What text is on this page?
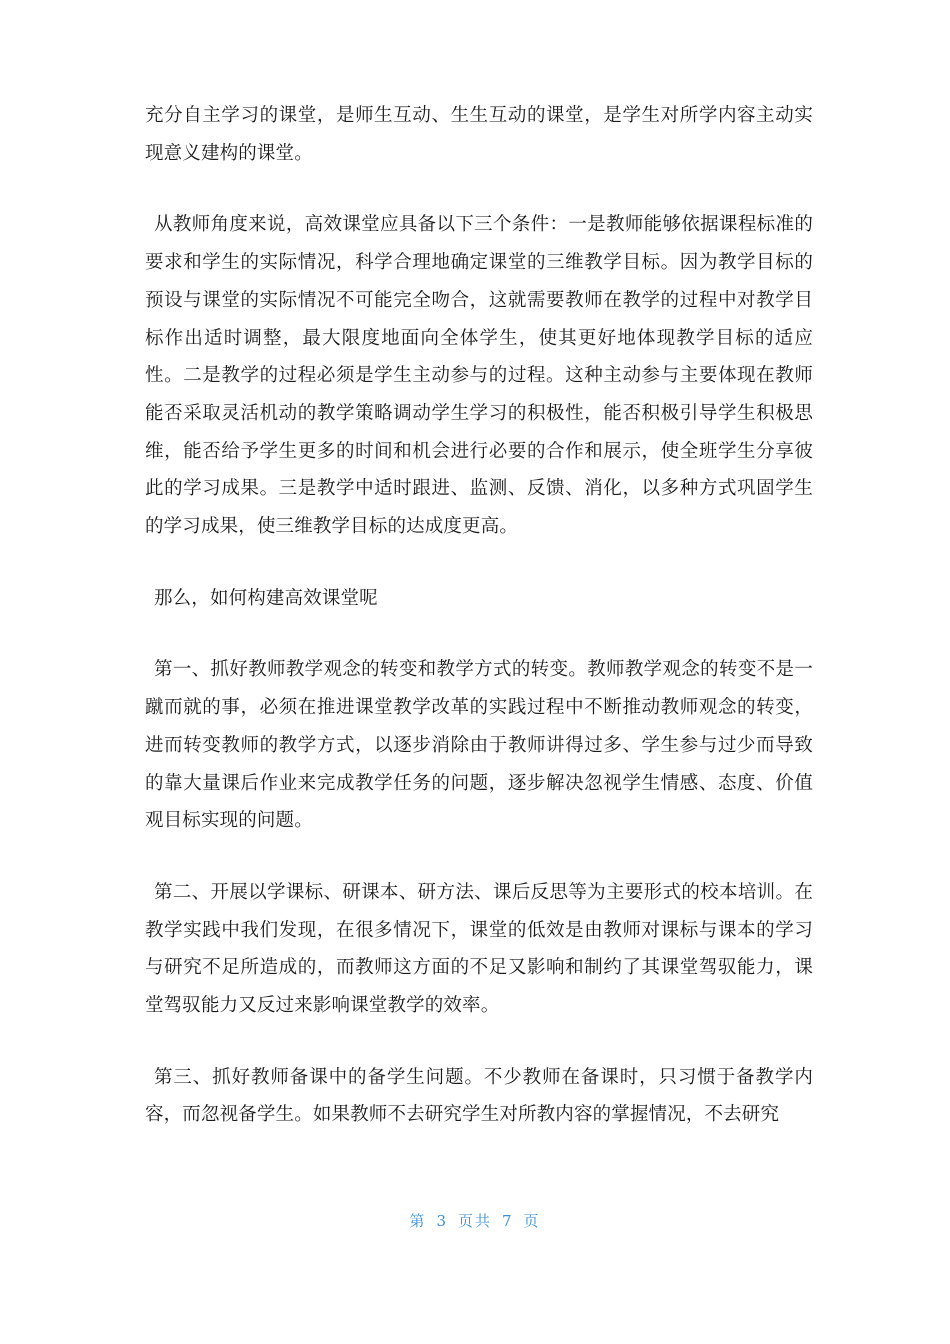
充分自主学习的课堂，是师生互动、生生互动的课堂，是学生对所学内容主动实现意义建构的课堂。

从教师角度来说，高效课堂应具备以下三个条件：一是教师能够依据课程标准的要求和学生的实际情况，科学合理地确定课堂的三维教学目标。因为教学目标的预设与课堂的实际情况不可能完全吻合，这就需要教师在教学的过程中对教学目标作出适时调整，最大限度地面向全体学生，使其更好地体现教学目标的适应性。二是教学的过程必须是学生主动参与的过程。这种主动参与主要体现在教师能否采取灵活机动的教学策略调动学生学习的积极性，能否积极引导学生积极思维，能否给予学生更多的时间和机会进行必要的合作和展示，使全班学生分享彼此的学习成果。三是教学中适时跟进、监测、反馈、消化，以多种方式巩固学生的学习成果，使三维教学目标的达成度更高。

那么，如何构建高效课堂呢

第一、抓好教师教学观念的转变和教学方式的转变。教师教学观念的转变不是一蹴而就的事，必须在推进课堂教学改革的实践过程中不断推动教师观念的转变，进而转变教师的教学方式，以逐步消除由于教师讲得过多、学生参与过少而导致的靠大量课后作业来完成教学任务的问题，逐步解决忽视学生情感、态度、价值观目标实现的问题。

第二、开展以学课标、研课本、研方法、课后反思等为主要形式的校本培训。在教学实践中我们发现，在很多情况下，课堂的低效是由教师对课标与课本的学习与研究不足所造成的，而教师这方面的不足又影响和制约了其课堂驾驭能力，课堂驾驭能力又反过来影响课堂教学的效率。

第三、抓好教师备课中的备学生问题。不少教师在备课时，只习惯于备教学内容，而忽视备学生。如果教师不去研究学生对所教内容的掌握情况，不去研究

第 3 页共 7 页
